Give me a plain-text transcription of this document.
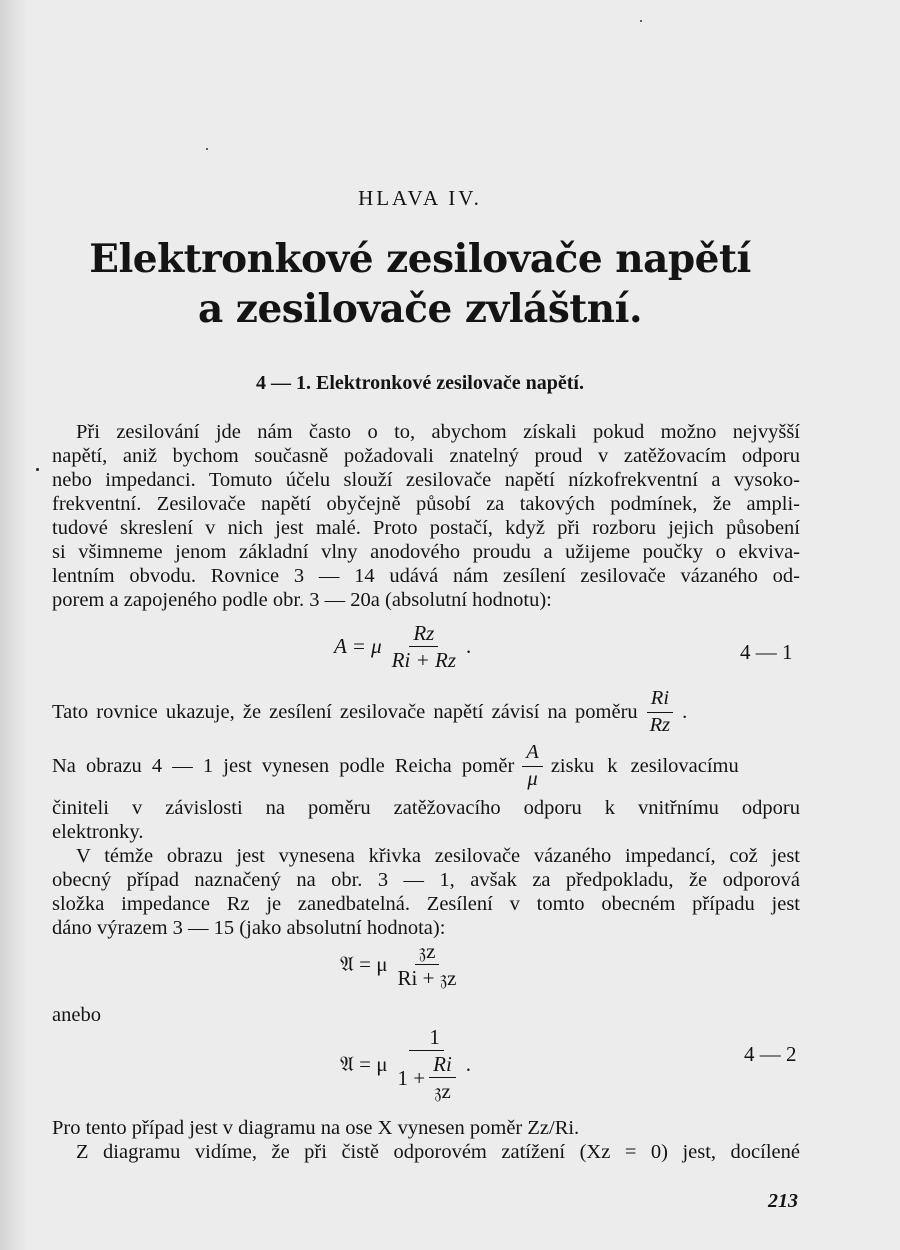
HLAVA IV.
Elektronkové zesilovače napětí
a zesilovače zvláštní.
4 — 1. Elektronkové zesilovače napětí.
Při zesilování jde nám často o to, abychom získali pokud možno nejvyšší
napětí, aniž bychom současně požadovali znatelný proud v zatěžovacím odporu
nebo impedanci. Tomuto účelu slouží zesilovače napětí nízkofrekventní a vysoko-
frekventní. Zesilovače napětí obyčejně působí za takových podmínek, že ampli-
tudové skreslení v nich jest malé. Proto postačí, když při rozboru jejich působení
si všimneme jenom základní vlny anodového proudu a užijeme poučky o ekviva-
lentním obvodu. Rovnice 3 — 14 udává nám zesílení zesilovače vázaného od-
porem a zapojeného podle obr. 3 — 20a (absolutní hodnotu):
A = μ $\frac{Rz}{Ri + Rz}$ .	4 — 1
Tato rovnice ukazuje, že zesílení zesilovače napětí závisí na poměru $\frac{Ri}{Rz}$ .
Na obrazu 4 — 1 jest vynesen podle Reicha poměr $\frac{A}{\mu}$ zisku k zesilovacímu
činiteli v závislosti na poměru zatěžovacího odporu k vnitřnímu odporu
elektronky.
V témže obrazu jest vynesena křivka zesilovače vázaného impedancí, což jest
obecný případ naznačený na obr. 3 — 1, avšak za předpokladu, že odporová
složka impedance Rz je zanedbatelná. Zesílení v tomto obecném případu jest
dáno výrazem 3 — 15 (jako absolutní hodnota):
𝔄 = μ $\frac{\text{𝔷z}}{\text{Ri + 𝔷z}}$
anebo
𝔄 = μ $\frac{1}{1 + \frac{Ri}{\text{𝔷z}}}$ .	4 — 2
Pro tento případ jest v diagramu na ose X vynesen poměr Zz/Ri.
Z diagramu vidíme, že při čistě odporovém zatížení (Xz = 0) jest, docílené
213
